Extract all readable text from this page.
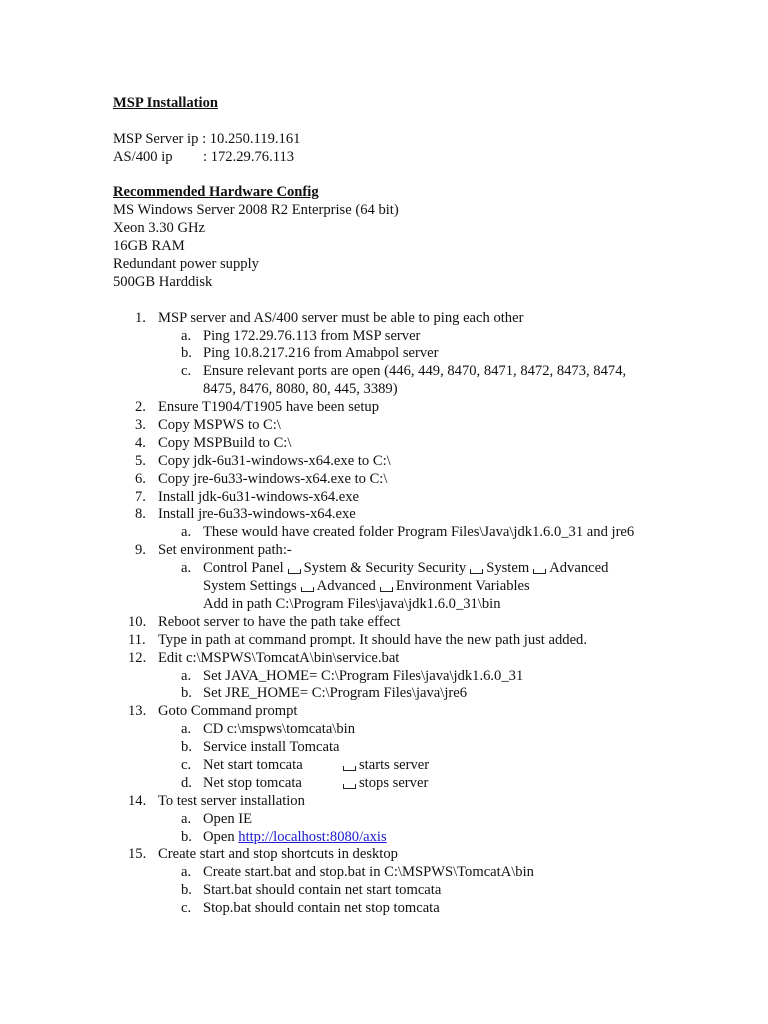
MSP Installation
MSP Server ip : 10.250.119.161
AS/400 ip : 172.29.76.113
Recommended Hardware Config
MS Windows Server 2008 R2 Enterprise (64 bit)
Xeon 3.30 GHz
16GB RAM
Redundant power supply
500GB Harddisk
1. MSP server and AS/400 server must be able to ping each other
a. Ping 172.29.76.113 from MSP server
b. Ping 10.8.217.216 from Amabpol server
c. Ensure relevant ports are open (446, 449, 8470, 8471, 8472, 8473, 8474,
8475, 8476, 8080, 80, 445, 3389)
2. Ensure T1904/T1905 have been setup
3. Copy MSPWS to C:\
4. Copy MSPBuild to C:\
5. Copy jdk-6u31-windows-x64.exe to C:\
6. Copy jre-6u33-windows-x64.exe to C:\
7. Install jdk-6u31-windows-x64.exe
8. Install jre-6u33-windows-x64.exe
a. These would have created folder Program Files\Java\jdk1.6.0_31 and jre6
9. Set environment path:-
a. Control Panel System & Security Security System Advanced
System Settings Advanced Environment Variables
Add in path C:\Program Files\java\jdk1.6.0_31\bin
10. Reboot server to have the path take effect
11. Type in path at command prompt. It should have the new path just added.
12. Edit c:\MSPWS\TomcatA\bin\service.bat
a. Set JAVA_HOME= C:\Program Files\java\jdk1.6.0_31
b. Set JRE_HOME= C:\Program Files\java\jre6
13. Goto Command prompt
a. CD c:\mspws\tomcata\bin
b. Service install Tomcata
c. Net start tomcata	starts server
d. Net stop tomcata	stops server
14. To test server installation
a. Open IE
b. Open http://localhost:8080/axis
15. Create start and stop shortcuts in desktop
a. Create start.bat and stop.bat in C:\MSPWS\TomcatA\bin
b. Start.bat should contain net start tomcata
c. Stop.bat should contain net stop tomcata
